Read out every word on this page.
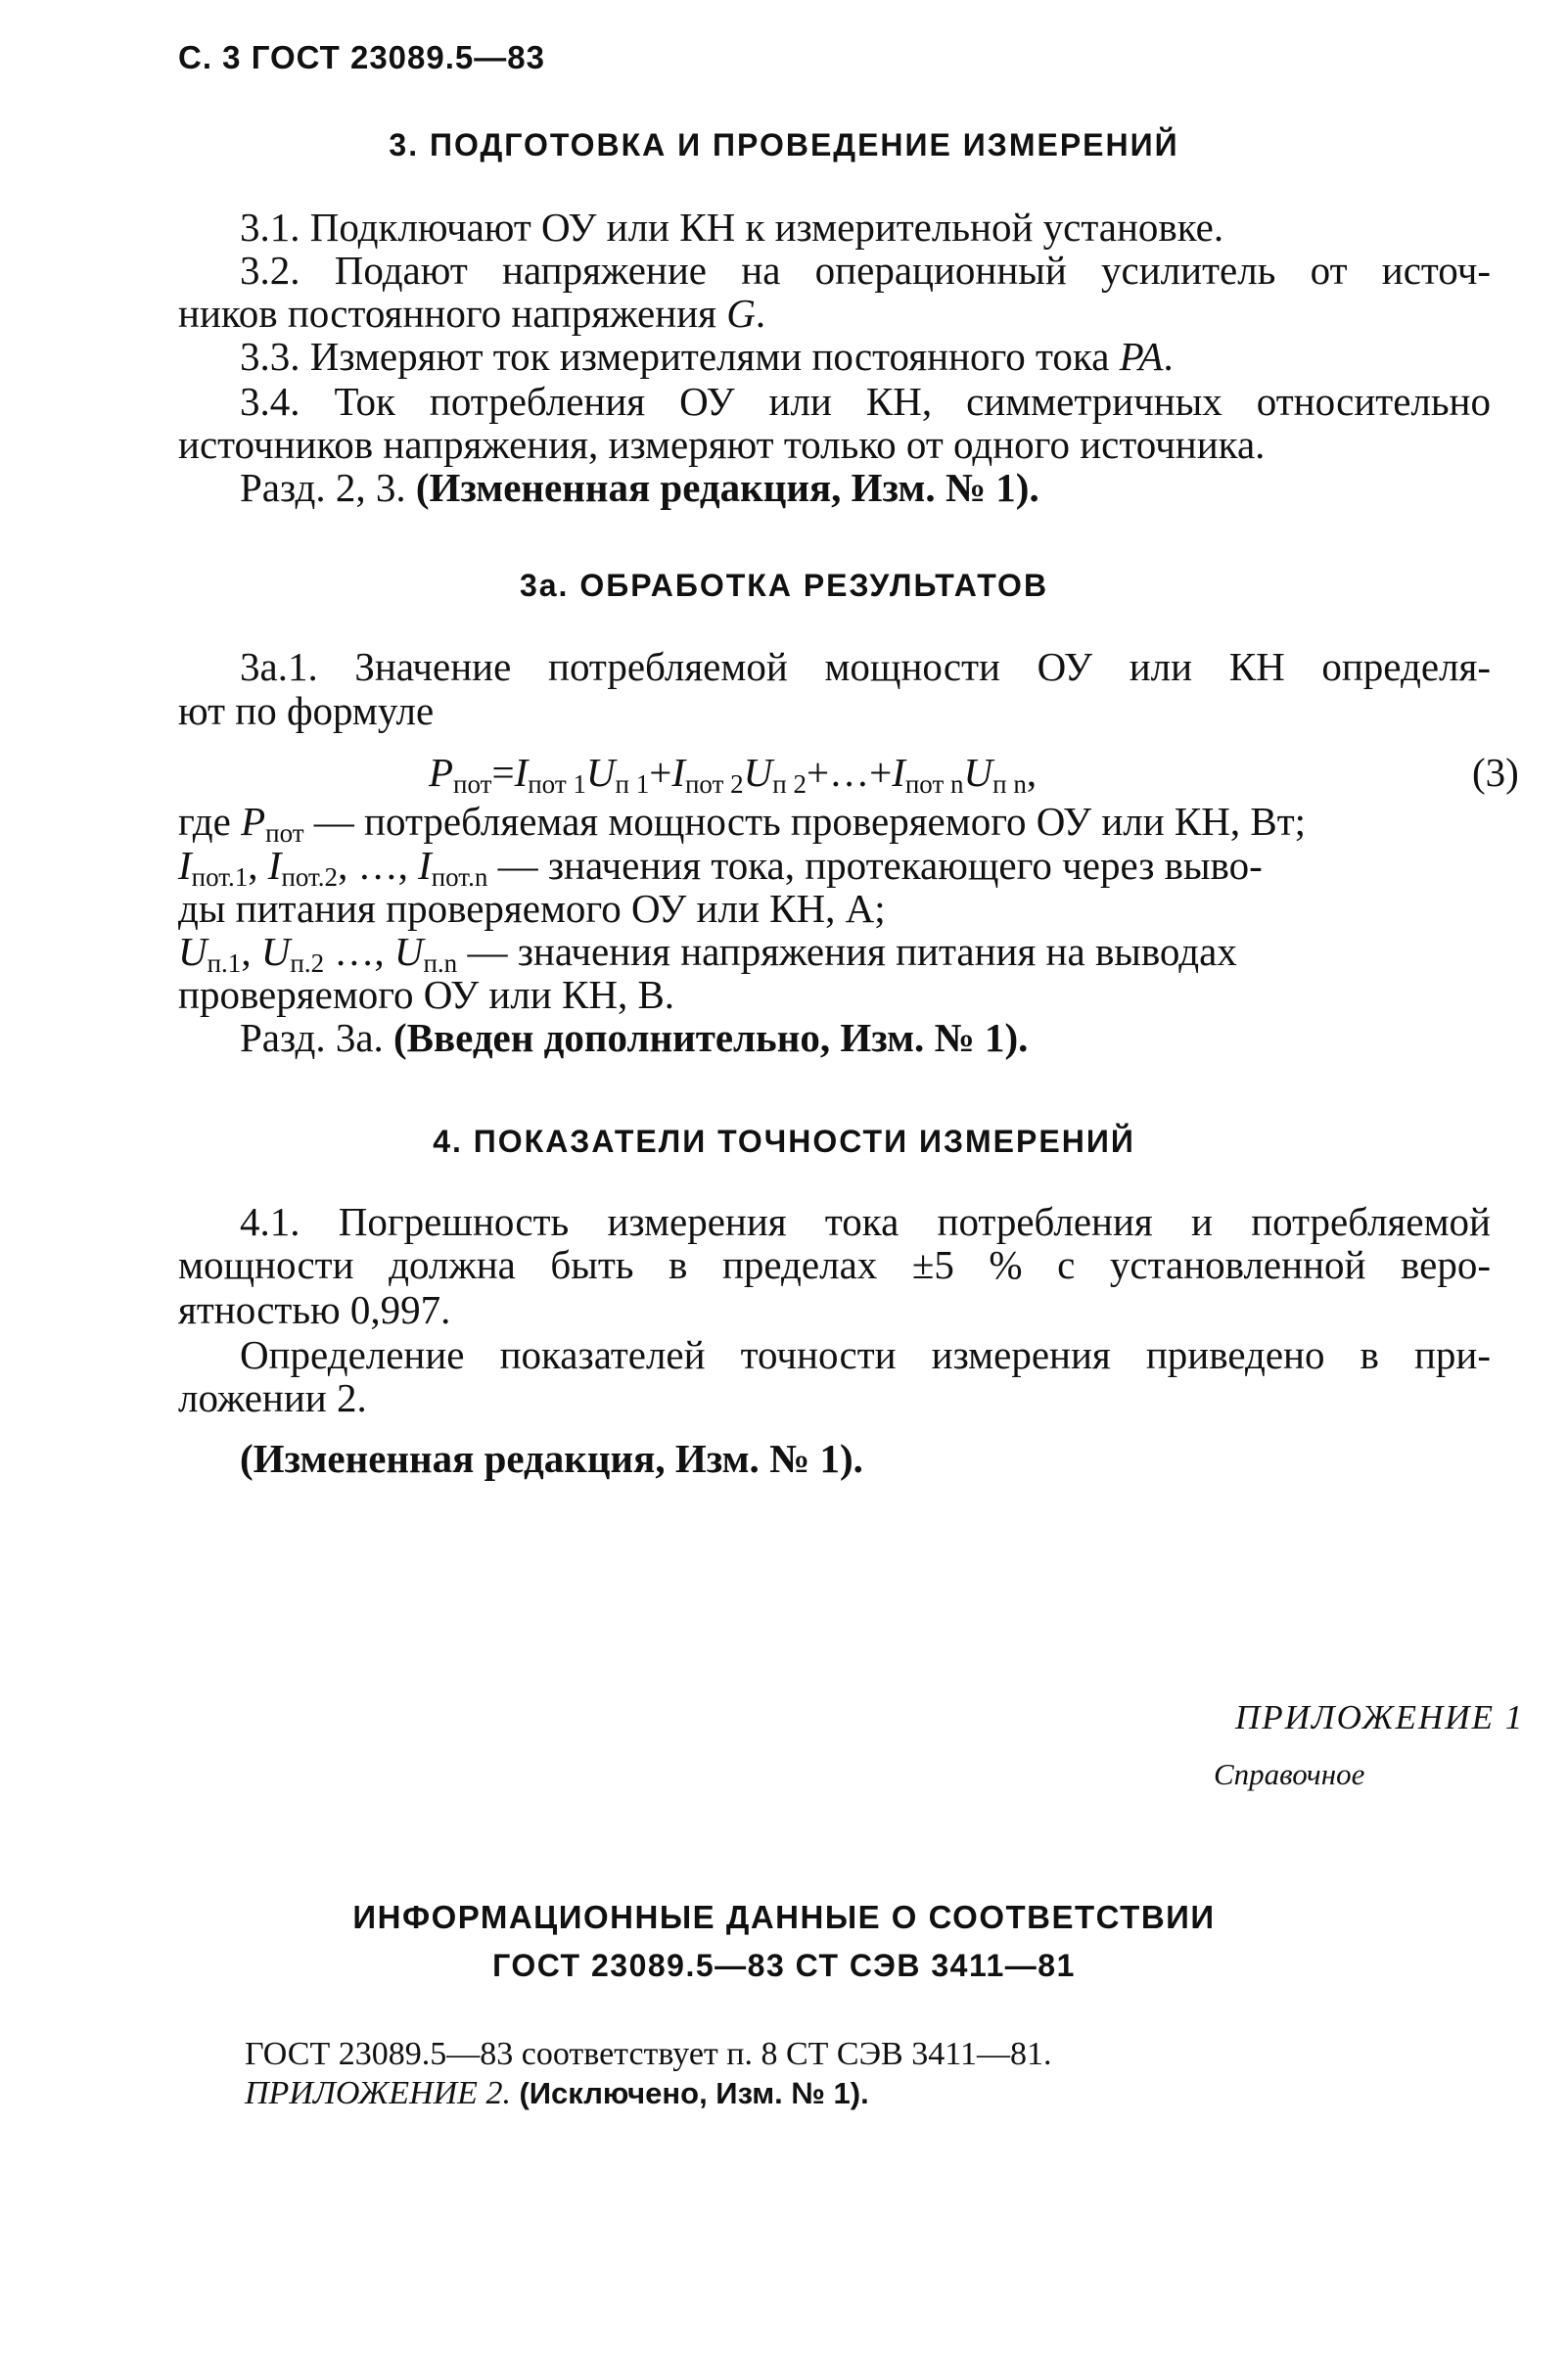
С. 3 ГОСТ 23089.5—83
3. ПОДГОТОВКА И ПРОВЕДЕНИЕ ИЗМЕРЕНИЙ
3.1. Подключают ОУ или КН к измерительной установке.
3.2. Подают напряжение на операционный усилитель от источ-
ников постоянного напряжения G.
3.3. Измеряют ток измерителями постоянного тока PA.
3.4. Ток потребления ОУ или КН, симметричных относительно
источников напряжения, измеряют только от одного источника.
Разд. 2, 3. (Измененная редакция, Изм. № 1).
3а. ОБРАБОТКА РЕЗУЛЬТАТОВ
3а.1. Значение потребляемой мощности ОУ или КН определя-
ют по формуле
$P_{пот}=I_{пот 1}U_{п 1}+I_{пот 2}U_{п 2}+\dots+I_{пот n}U_{п n}$,	(3)
где $P_{пот}$ — потребляемая мощность проверяемого ОУ или КН, Вт;
$I_{пот.1}$, $I_{пот.2}$, …, $I_{пот.n}$ — значения тока, протекающего через выво-
ды питания проверяемого ОУ или КН, А;
$U_{п.1}$, $U_{п.2}$ …, $U_{п.n}$ — значения напряжения питания на выводах
проверяемого ОУ или КН, В.
Разд. 3а. (Введен дополнительно, Изм. № 1).
4. ПОКАЗАТЕЛИ ТОЧНОСТИ ИЗМЕРЕНИЙ
4.1. Погрешность измерения тока потребления и потребляемой
мощности должна быть в пределах ±5 % с установленной веро-
ятностью 0,997.
Определение показателей точности измерения приведено в при-
ложении 2.
(Измененная редакция, Изм. № 1).
ПРИЛОЖЕНИЕ 1
Справочное
ИНФОРМАЦИОННЫЕ ДАННЫЕ О СООТВЕТСТВИИ
ГОСТ 23089.5—83 СТ СЭВ 3411—81
ГОСТ 23089.5—83 соответствует п. 8 СТ СЭВ 3411—81.
ПРИЛОЖЕНИЕ 2. (Исключено, Изм. № 1).
